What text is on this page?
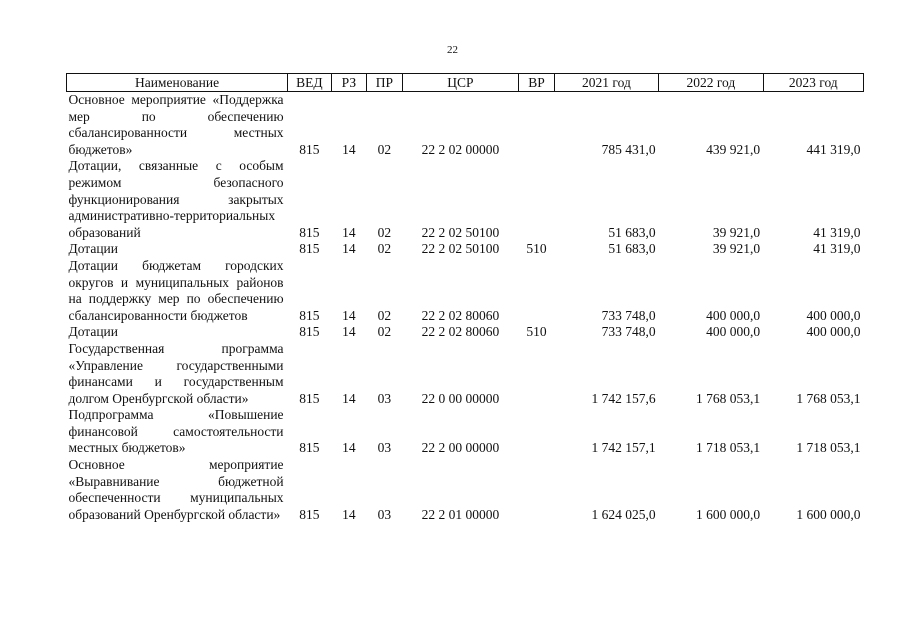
22
Наименование	ВЕД	РЗ	ПР	ЦСР	ВР	2021 год	2022 год	2023 год
Основное мероприятие «Поддержка мер по обеспечению сбалансированности местных бюджетов»	815	14	02	22 2 02 00000		785 431,0	439 921,0	441 319,0
Дотации, связанные с особым режимом безопасного функционирования закрытых административно-территориальных образований	815	14	02	22 2 02 50100		51 683,0	39 921,0	41 319,0
Дотации	815	14	02	22 2 02 50100	510	51 683,0	39 921,0	41 319,0
Дотации бюджетам городских округов и муниципальных районов на поддержку мер по обеспечению сбалансированности бюджетов	815	14	02	22 2 02 80060		733 748,0	400 000,0	400 000,0
Дотации	815	14	02	22 2 02 80060	510	733 748,0	400 000,0	400 000,0
Государственная программа «Управление государственными финансами и государственным долгом Оренбургской области»	815	14	03	22 0 00 00000		1 742 157,6	1 768 053,1	1 768 053,1
Подпрограмма «Повышение финансовой самостоятельности местных бюджетов»	815	14	03	22 2 00 00000		1 742 157,1	1 718 053,1	1 718 053,1
Основное мероприятие «Выравнивание бюджетной обеспеченности муниципальных образований Оренбургской области»	815	14	03	22 2 01 00000		1 624 025,0	1 600 000,0	1 600 000,0
